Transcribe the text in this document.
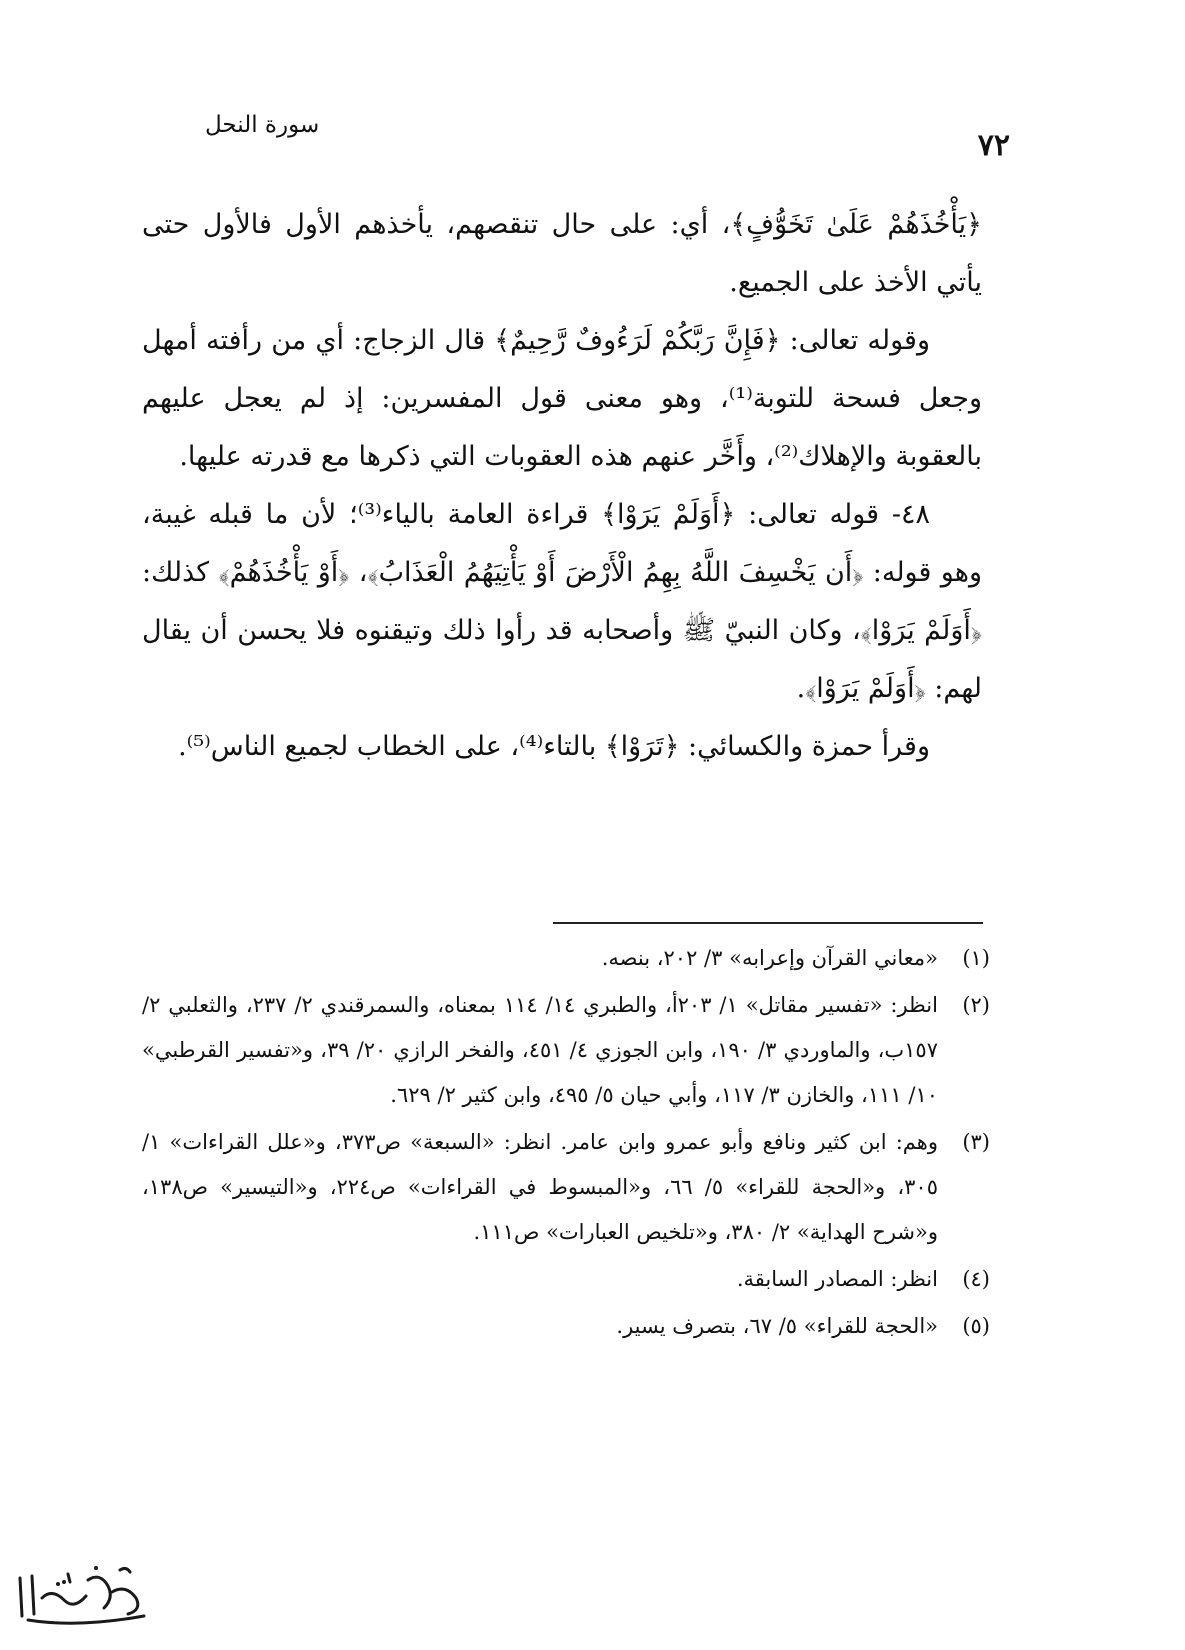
سورة النحل
٧٢

﴿يَأْخُذَهُمْ عَلَىٰ تَخَوُّفٍ﴾، أي: على حال تنقصهم، يأخذهم الأول فالأول حتى يأتي الأخذ على الجميع.

وقوله تعالى: ﴿فَإِنَّ رَبَّكُمْ لَرَءُوفٌ رَّحِيمٌ﴾ قال الزجاج: أي من رأفته أمهل وجعل فسحة للتوبة⁽¹⁾، وهو معنى قول المفسرين: إذ لم يعجل عليهم بالعقوبة والإهلاك⁽²⁾، وأَخَّر عنهم هذه العقوبات التي ذكرها مع قدرته عليها.

٤٨- قوله تعالى: ﴿أَوَلَمْ يَرَوْا﴾ قراءة العامة بالياء⁽³⁾؛ لأن ما قبله غيبة، وهو قوله: ﴿أَن يَخْسِفَ اللَّهُ بِهِمُ الْأَرْضَ أَوْ يَأْتِيَهُمُ الْعَذَابُ﴾، ﴿أَوْ يَأْخُذَهُمْ﴾ كذلك: ﴿أَوَلَمْ يَرَوْا﴾، وكان النبيّ ﷺ وأصحابه قد رأوا ذلك وتيقنوه فلا يحسن أن يقال لهم: ﴿أَوَلَمْ يَرَوْا﴾.

وقرأ حمزة والكسائي: ﴿تَرَوْا﴾ بالتاء⁽⁴⁾، على الخطاب لجميع الناس⁽⁵⁾.

(١)
«معاني القرآن وإعرابه» ٣/ ٢٠٢، بنصه.
(٢)
انظر: «تفسير مقاتل» ١/ ٢٠٣أ، والطبري ١٤/ ١١٤ بمعناه، والسمرقندي ٢/ ٢٣٧، والثعلبي ٢/ ١٥٧ب، والماوردي ٣/ ١٩٠، وابن الجوزي ٤/ ٤٥١، والفخر الرازي ٢٠/ ٣٩، و«تفسير القرطبي» ١٠/ ١١١، والخازن ٣/ ١١٧، وأبي حيان ٥/ ٤٩٥، وابن كثير ٢/ ٦٢٩.
(٣)
وهم: ابن كثير ونافع وأبو عمرو وابن عامر. انظر: «السبعة» ص٣٧٣، و«علل القراءات» ١/ ٣٠٥، و«الحجة للقراء» ٥/ ٦٦، و«المبسوط في القراءات» ص٢٢٤، و«التيسير» ص١٣٨، و«شرح الهداية» ٢/ ٣٨٠، و«تلخيص العبارات» ص١١١.
(٤)
انظر: المصادر السابقة.
(٥)
«الحجة للقراء» ٥/ ٦٧، بتصرف يسير.
